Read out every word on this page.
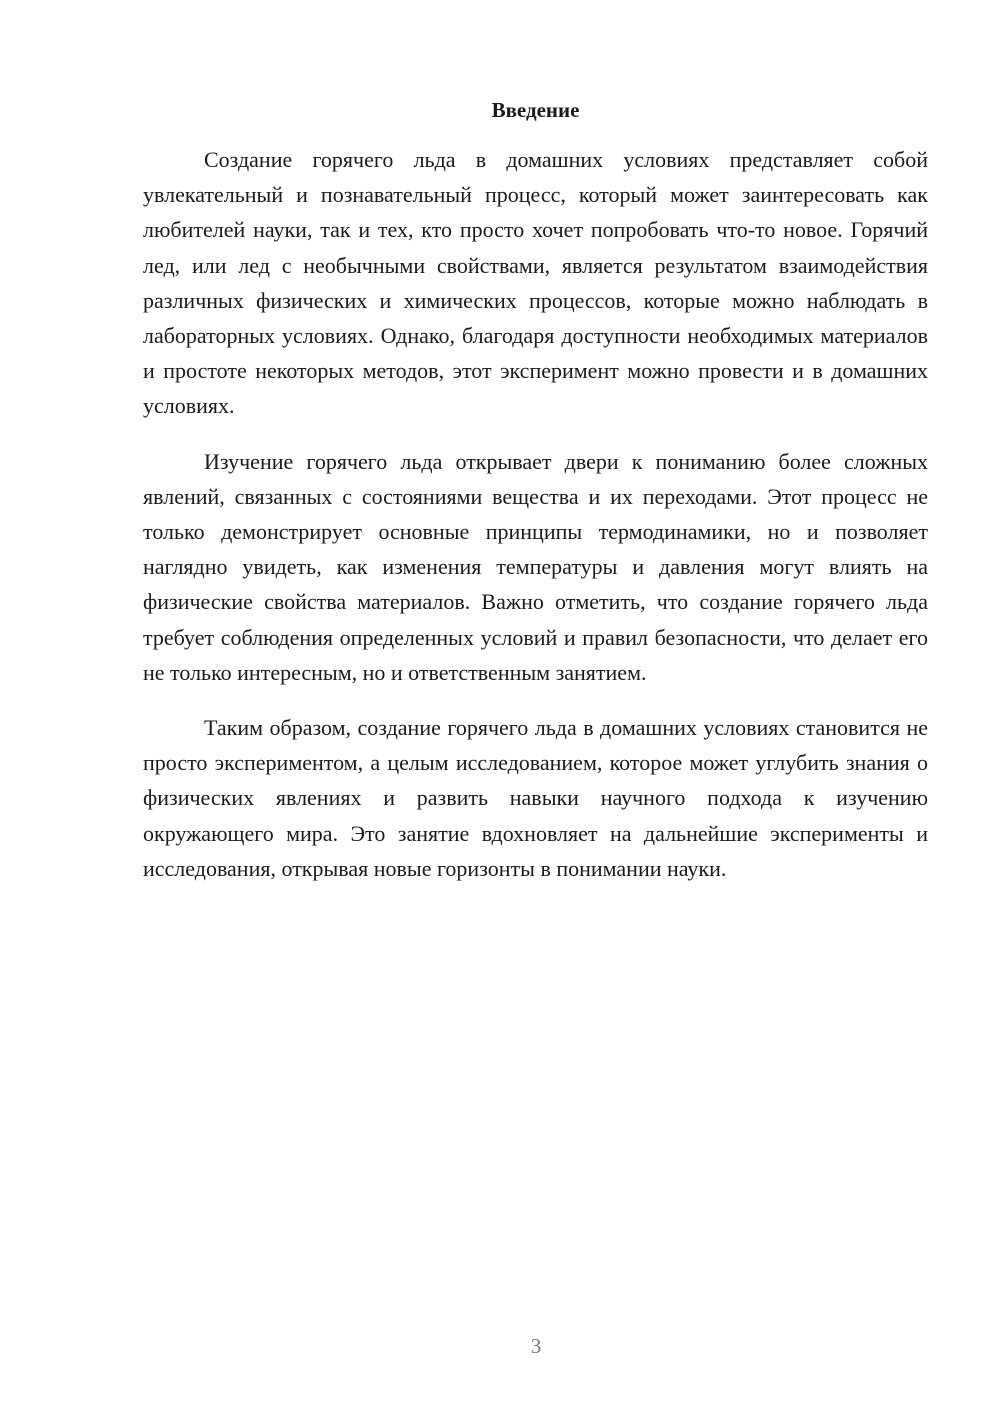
Введение

Создание горячего льда в домашних условиях представляет собой увлекательный и познавательный процесс, который может заинтересовать как любителей науки, так и тех, кто просто хочет попробовать что-то новое. Горячий лед, или лед с необычными свойствами, является результатом взаимодействия различных физических и химических процессов, которые можно наблюдать в лабораторных условиях. Однако, благодаря доступности необходимых материалов и простоте некоторых методов, этот эксперимент можно провести и в домашних условиях.

Изучение горячего льда открывает двери к пониманию более сложных явлений, связанных с состояниями вещества и их переходами. Этот процесс не только демонстрирует основные принципы термодинамики, но и позволяет наглядно увидеть, как изменения температуры и давления могут влиять на физические свойства материалов. Важно отметить, что создание горячего льда требует соблюдения определенных условий и правил безопасности, что делает его не только интересным, но и ответственным занятием.

Таким образом, создание горячего льда в домашних условиях становится не просто экспериментом, а целым исследованием, которое может углубить знания о физических явлениях и развить навыки научного подхода к изучению окружающего мира. Это занятие вдохновляет на дальнейшие эксперименты и исследования, открывая новые горизонты в понимании науки.

3
